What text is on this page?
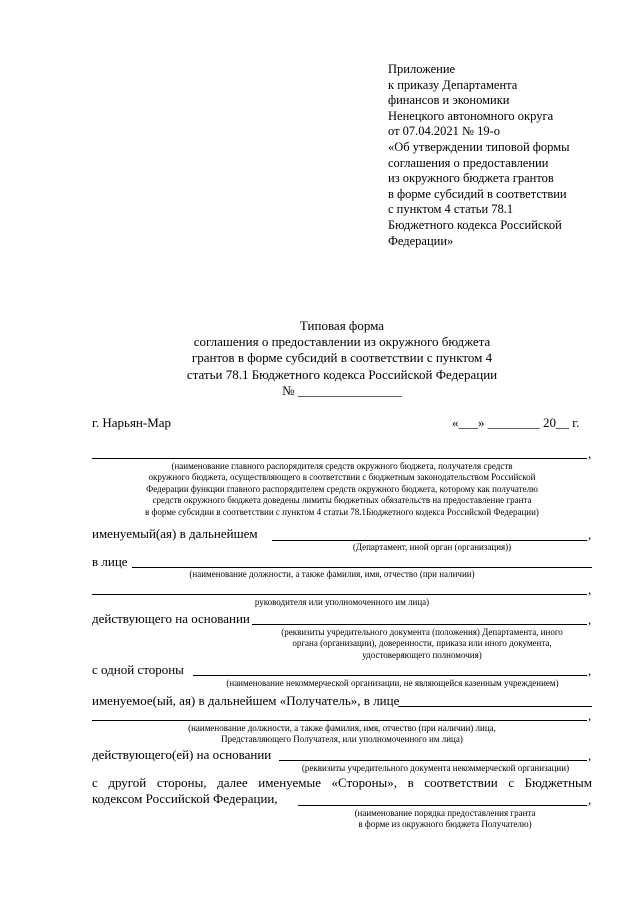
Приложение
к приказу Департамента
финансов и экономики
Ненецкого автономного округа
от 07.04.2021 № 19-о
«Об утверждении типовой формы
соглашения о предоставлении
из окружного бюджета грантов
в форме субсидий в соответствии
с пунктом 4 статьи 78.1
Бюджетного кодекса Российской
Федерации»
Типовая форма
соглашения о предоставлении из окружного бюджета
грантов в форме субсидий в соответствии с пунктом 4
статьи 78.1 Бюджетного кодекса Российской Федерации
№ ________________
г. Нарьян-Мар	«___» ________ 20__ г.
,
(наименование главного распорядителя средств окружного бюджета, получателя средств
окружного бюджета, осуществляющего в соответствии с бюджетным законодательством Российской
Федерации функции главного распорядителем средств окружного бюджета, которому как получателю
средств окружного бюджета доведены лимиты бюджетных обязательств на предоставление гранта
в форме субсидии в соответствии с пунктом 4 статьи 78.1Бюджетного кодекса Российской Федерации)
именуемый(ая) в дальнейшем	,
(Департамент, иной орган (организация))
в лице
(наименование должности, а также фамилия, имя, отчество (при наличии)
,
руководителя или уполномоченного им лица)
действующего на основании	,
(реквизиты учредительного документа (положения) Департамента, иного
органа (организации), доверенности, приказа или иного документа,
удостоверяющего полномочия)
с одной стороны	,
(наименование некоммерческой организации, не являющейся казенным учреждением)
именуемое(ый, ая) в дальнейшем «Получатель», в лице
,
(наименование должности, а также фамилия, имя, отчество (при наличии) лица,
Представляющего Получателя, или уполномоченного им лица)
действующего(ей) на основании	,
(реквизиты учредительного документа некоммерческой организации)
с другой стороны, далее именуемые «Стороны», в соответствии с Бюджетным
кодексом Российской Федерации,	,
(наименование порядка предоставления гранта
в форме из окружного бюджета Получателю)
